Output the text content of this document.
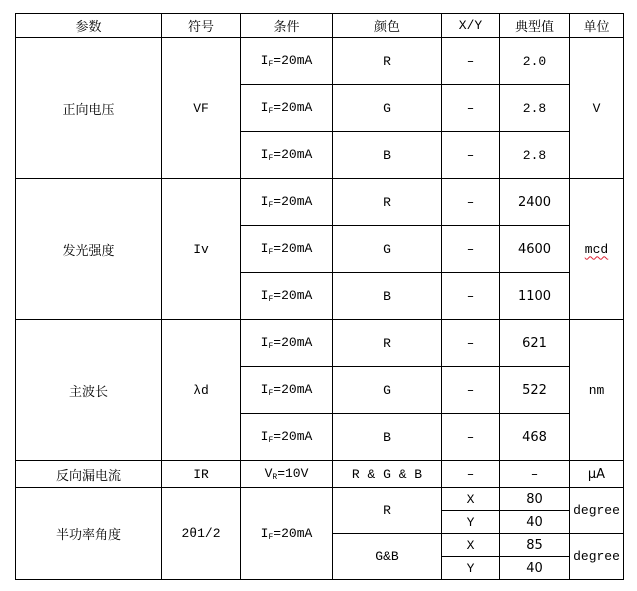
参数	符号	条件	颜色	X/Y	典型值	单位
正向电压	VF	$I_F=20mA$	R	–	2.0	V
		$I_F=20mA$	G	–	2.8	
		$I_F=20mA$	B	–	2.8	
发光强度	Iv	$I_F=20mA$	R	–	2400	mcd
		$I_F=20mA$	G	–	4600	
		$I_F=20mA$	B	–	1100	
主波长	λd	$I_F=20mA$	R	–	621	nm
		$I_F=20mA$	G	–	522	
		$I_F=20mA$	B	–	468	
反向漏电流	IR	$V_R=10V$	R & G & B	–	–	μA
半功率角度	2θ1/2	$I_F=20mA$	R	X	80	degree
				Y	40	
			G&B	X	85	degree
				Y	40	
